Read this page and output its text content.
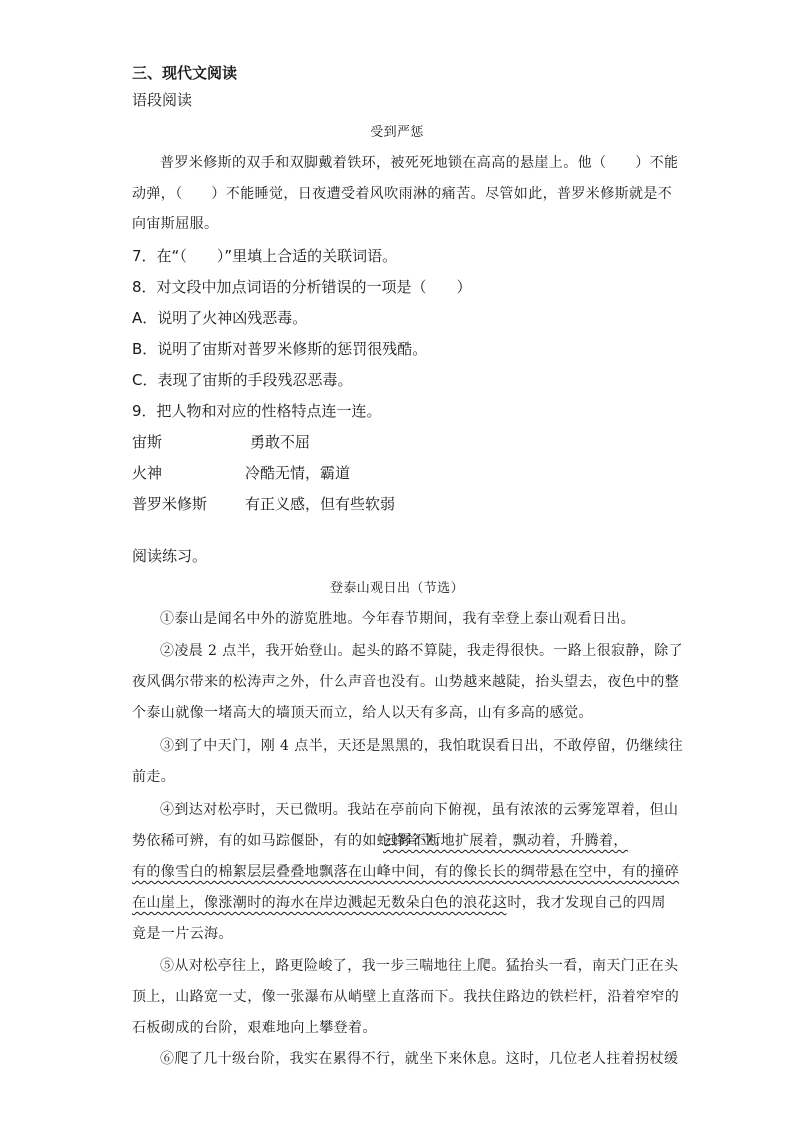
三、现代文阅读
语段阅读
受到严惩
普罗米修斯的双手和双脚戴着铁环，被死死地锁在高高的悬崖上。他（　　）不能
动弹，（　　）不能睡觉，日夜遭受着风吹雨淋的痛苦。尽管如此，普罗米修斯就是不
向宙斯屈服。
7．在“（　　）”里填上合适的关联词语。
8．对文段中加点词语的分析错误的一项是（　　）
A．说明了火神凶残恶毒。
B．说明了宙斯对普罗米修斯的惩罚很残酷。
C．表现了宙斯的手段残忍恶毒。
9．把人物和对应的性格特点连一连。
宙斯	勇敢不屈
火神	冷酷无情，霸道
普罗米修斯	有正义感，但有些软弱
阅读练习。
登泰山观日出（节选）
①泰山是闻名中外的游览胜地。今年春节期间，我有幸登上泰山观看日出。
②凌晨 2 点半，我开始登山。起头的路不算陡，我走得很快。一路上很寂静，除了
夜风偶尔带来的松涛声之外，什么声音也没有。山势越来越陡，抬头望去，夜色中的整
个泰山就像一堵高大的墙顶天而立，给人以天有多高，山有多高的感觉。
③到了中天门，刚 4 点半，天还是黑黑的，我怕耽误看日出，不敢停留，仍继续往
前走。
④到达对松亭时，天已微明。我站在亭前向下俯视，虽有浓浓的云雾笼罩着，但山
势依稀可辨，有的如马踪偃卧，有的如蛇蜂耸立。
云雾不断地扩展着，飘动着，升腾着，
有的像雪白的棉絮层层叠叠地飘落在山峰中间，有的像长长的绸带悬在空中，有的撞碎
在山崖上，像涨潮时的海水在岸边溅起无数朵白色的浪花。
这时，我才发现自己的四周
竟是一片云海。
⑤从对松亭往上，路更险峻了，我一步三喘地往上爬。猛抬头一看，南天门正在头
顶上，山路宽一丈，像一张瀑布从峭壁上直落而下。我扶住路边的铁栏杆，沿着窄窄的
石板砌成的台阶，艰难地向上攀登着。
⑥爬了几十级台阶，我实在累得不行，就坐下来休息。这时，几位老人拄着拐杖缓
